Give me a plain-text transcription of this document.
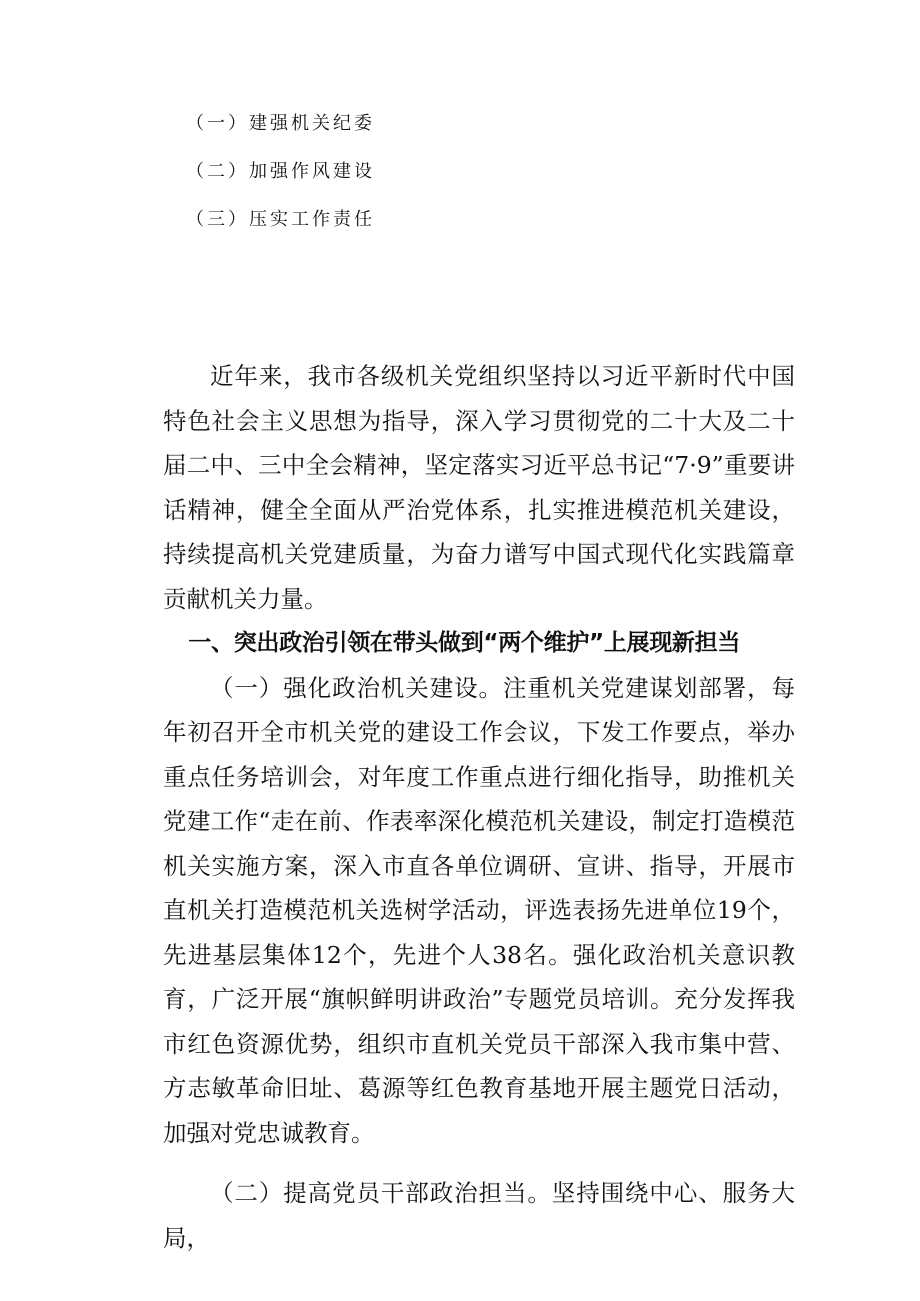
（一）建强机关纪委
（二）加强作风建设
（三）压实工作责任

近年来，我市各级机关党组织坚持以习近平新时代中国特色社会主义思想为指导，深入学习贯彻党的二十大及二十届二中、三中全会精神，坚定落实习近平总书记“7·9”重要讲话精神，健全全面从严治党体系，扎实推进模范机关建设，持续提高机关党建质量，为奋力谱写中国式现代化实践篇章贡献机关力量。

一、突出政治引领在带头做到“两个维护”上展现新担当

（一）强化政治机关建设。注重机关党建谋划部署，每年初召开全市机关党的建设工作会议，下发工作要点，举办重点任务培训会，对年度工作重点进行细化指导，助推机关党建工作“走在前、作表率深化模范机关建设，制定打造模范机关实施方案，深入市直各单位调研、宣讲、指导，开展市直机关打造模范机关选树学活动，评选表扬先进单位19个，先进基层集体12个，先进个人38名。强化政治机关意识教育，广泛开展“旗帜鲜明讲政治”专题党员培训。充分发挥我市红色资源优势，组织市直机关党员干部深入我市集中营、方志敏革命旧址、葛源等红色教育基地开展主题党日活动，加强对党忠诚教育。

（二）提高党员干部政治担当。坚持围绕中心、服务大局，
